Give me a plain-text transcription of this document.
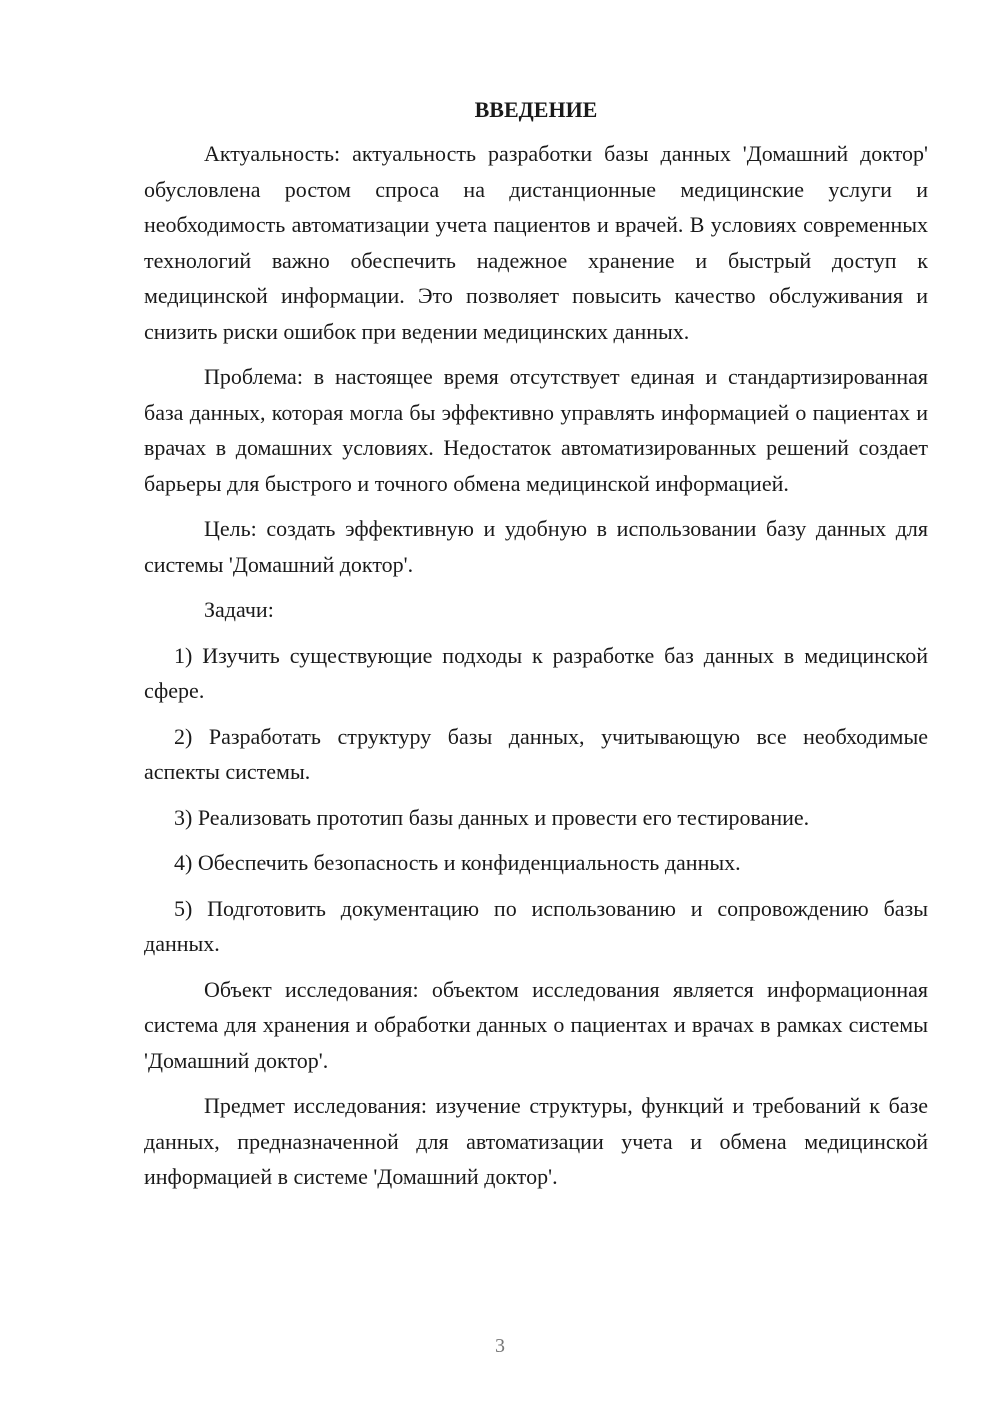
ВВЕДЕНИЕ

Актуальность: актуальность разработки базы данных 'Домашний доктор' обусловлена ростом спроса на дистанционные медицинские услуги и необходимость автоматизации учета пациентов и врачей. В условиях современных технологий важно обеспечить надежное хранение и быстрый доступ к медицинской информации. Это позволяет повысить качество обслуживания и снизить риски ошибок при ведении медицинских данных.

Проблема: в настоящее время отсутствует единая и стандартизированная база данных, которая могла бы эффективно управлять информацией о пациентах и врачах в домашних условиях. Недостаток автоматизированных решений создает барьеры для быстрого и точного обмена медицинской информацией.

Цель: создать эффективную и удобную в использовании базу данных для системы 'Домашний доктор'.

Задачи:

1) Изучить существующие подходы к разработке баз данных в медицинской сфере.

2) Разработать структуру базы данных, учитывающую все необходимые аспекты системы.

3) Реализовать прототип базы данных и провести его тестирование.

4) Обеспечить безопасность и конфиденциальность данных.

5) Подготовить документацию по использованию и сопровождению базы данных.

Объект исследования: объектом исследования является информационная система для хранения и обработки данных о пациентах и врачах в рамках системы 'Домашний доктор'.

Предмет исследования: изучение структуры, функций и требований к базе данных, предназначенной для автоматизации учета и обмена медицинской информацией в системе 'Домашний доктор'.

3
